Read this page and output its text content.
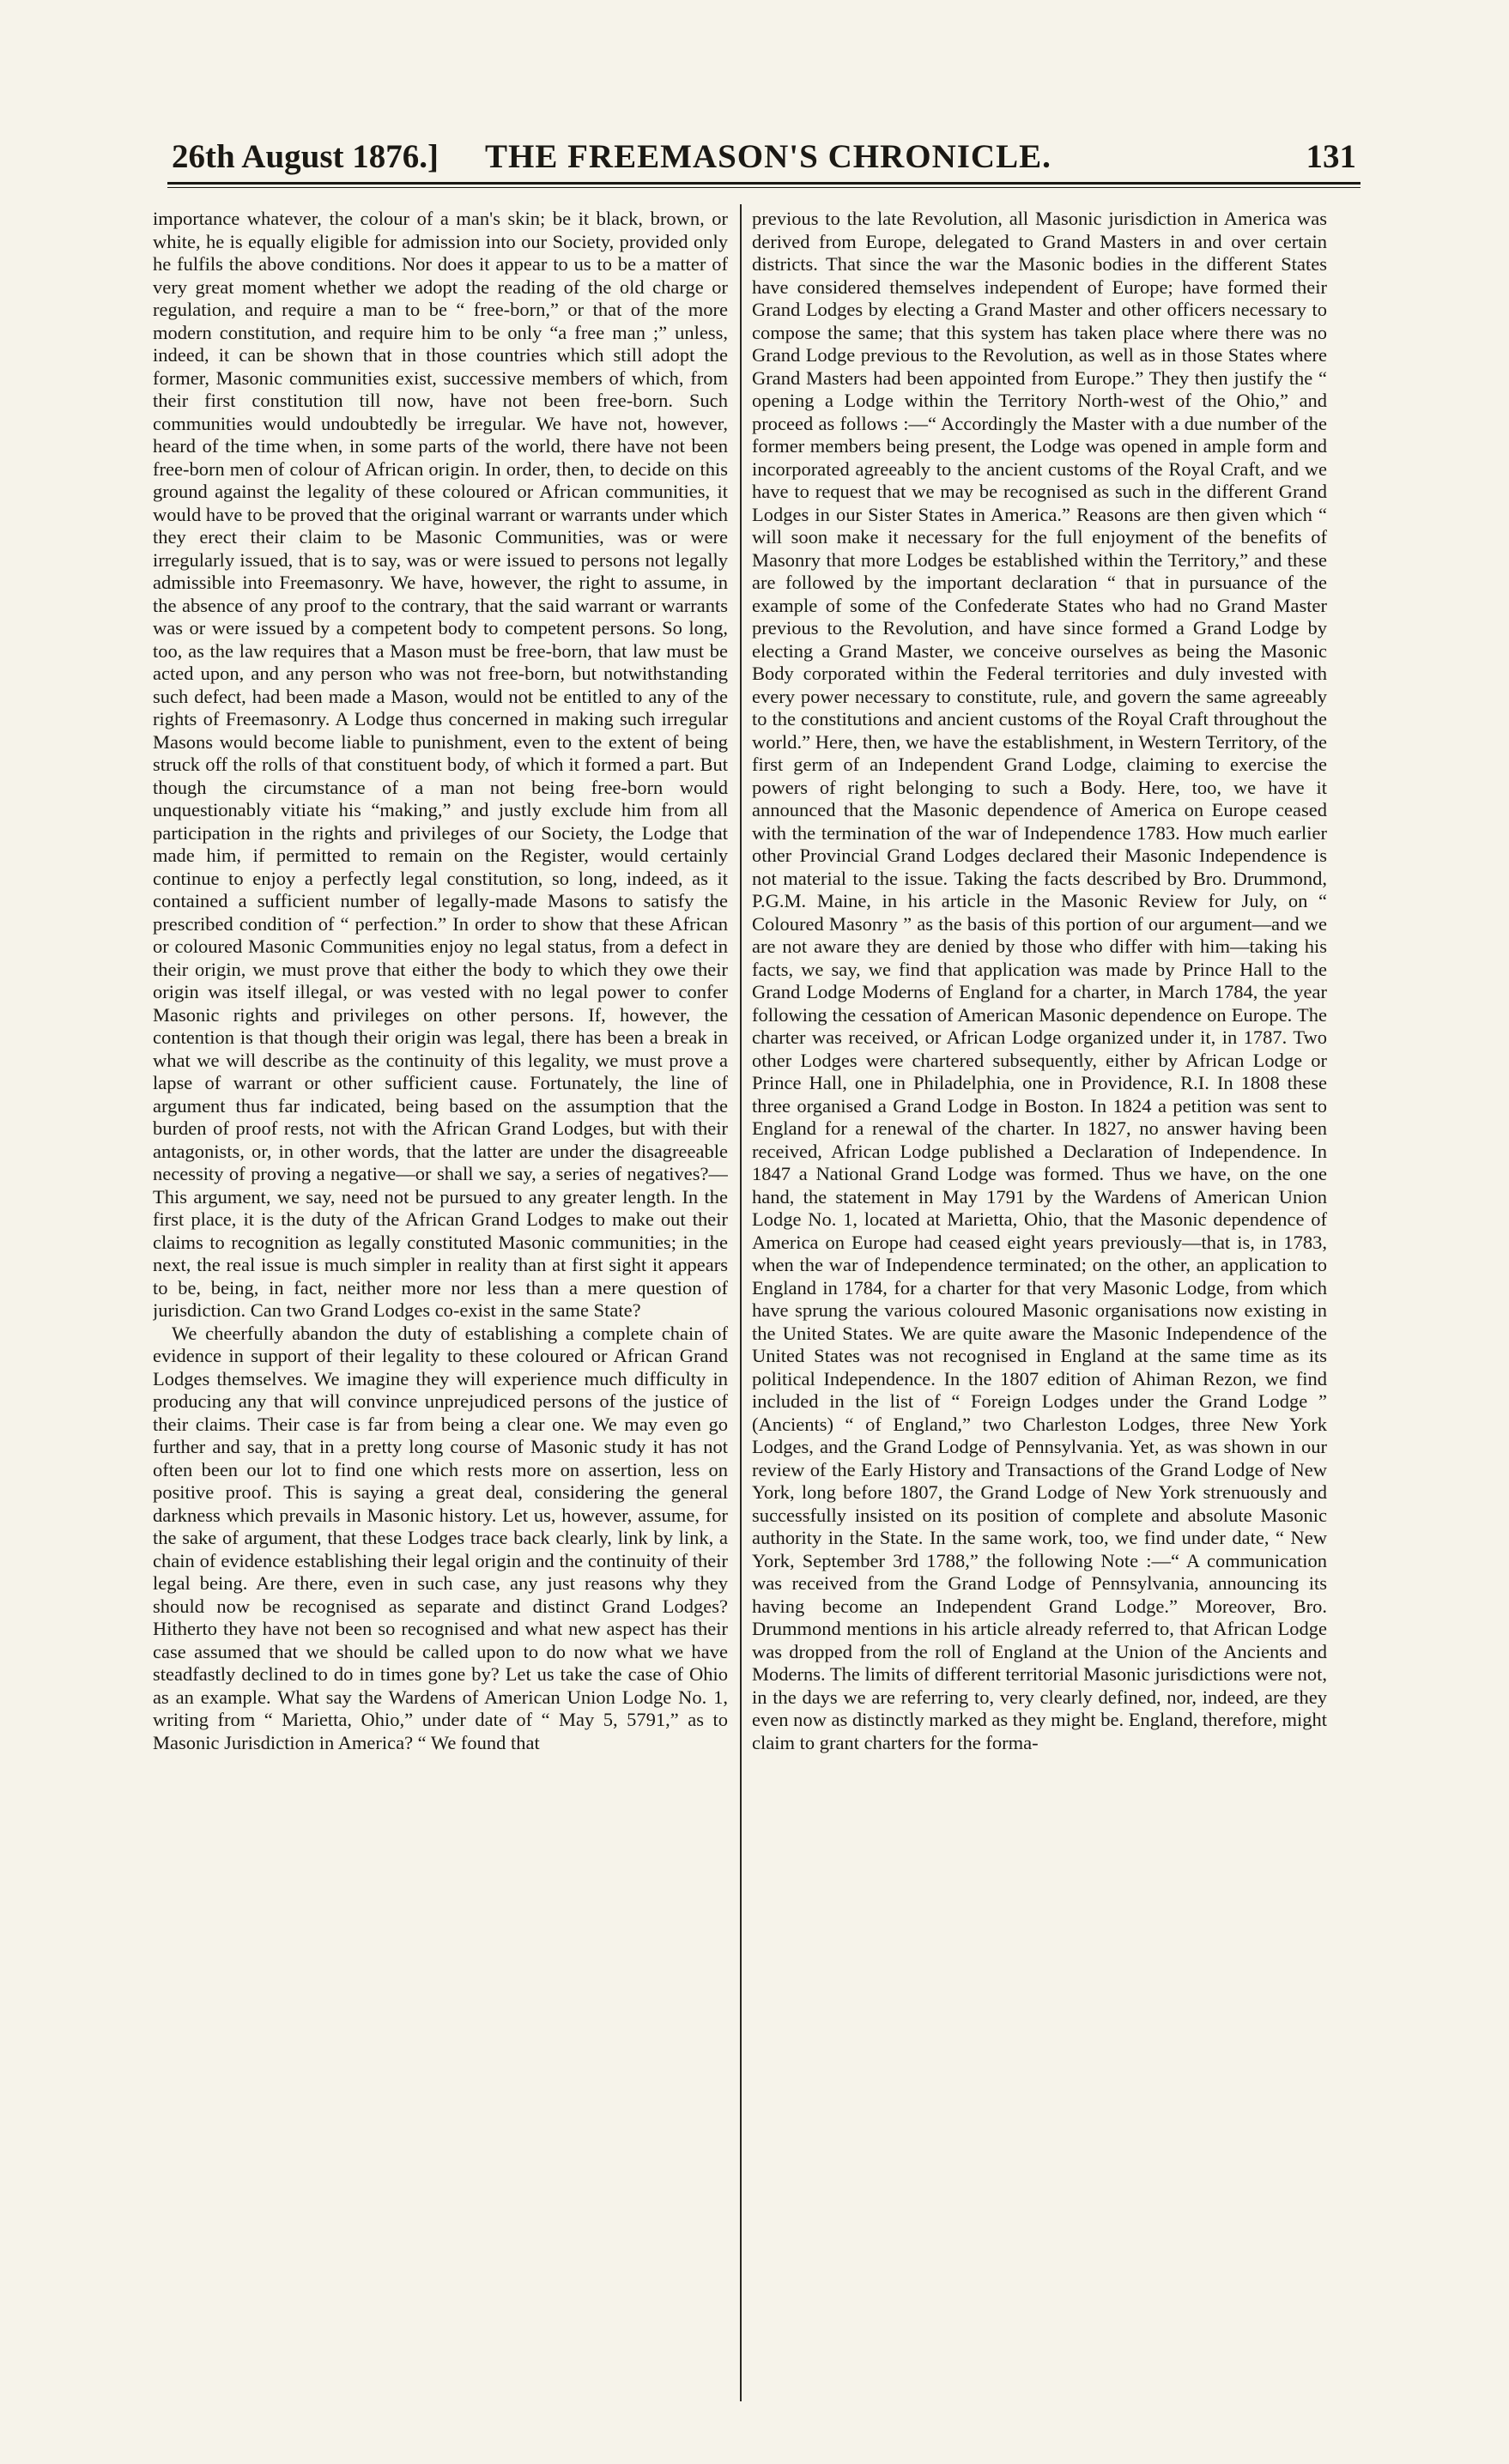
26th August 1876.] THE FREEMASON'S CHRONICLE.	131

importance whatever, the colour of a man's skin; be it black, brown, or white, he is equally eligible for admission into our Society, provided only he fulfils the above conditions. Nor does it appear to us to be a matter of very great moment whether we adopt the reading of the old charge or regulation, and require a man to be “ free-born,” or that of the more modern constitution, and require him to be only “a free man ;” unless, indeed, it can be shown that in those countries which still adopt the former, Masonic communities exist, successive members of which, from their first constitution till now, have not been free-born. Such communities would undoubtedly be irregular. We have not, however, heard of the time when, in some parts of the world, there have not been free-born men of colour of African origin. In order, then, to decide on this ground against the legality of these coloured or African communities, it would have to be proved that the original warrant or warrants under which they erect their claim to be Masonic Communities, was or were irregularly issued, that is to say, was or were issued to persons not legally admissible into Freemasonry. We have, however, the right to assume, in the absence of any proof to the contrary, that the said warrant or warrants was or were issued by a competent body to competent persons. So long, too, as the law requires that a Mason must be free-born, that law must be acted upon, and any person who was not free-born, but notwithstanding such defect, had been made a Mason, would not be entitled to any of the rights of Freemasonry. A Lodge thus concerned in making such irregular Masons would become liable to punishment, even to the extent of being struck off the rolls of that constituent body, of which it formed a part. But though the circumstance of a man not being free-born would unquestionably vitiate his “making,” and justly exclude him from all participation in the rights and privileges of our Society, the Lodge that made him, if permitted to remain on the Register, would certainly continue to enjoy a perfectly legal constitution, so long, indeed, as it contained a sufficient number of legally-made Masons to satisfy the prescribed condition of “ perfection.” In order to show that these African or coloured Masonic Communities enjoy no legal status, from a defect in their origin, we must prove that either the body to which they owe their origin was itself illegal, or was vested with no legal power to confer Masonic rights and privileges on other persons. If, however, the contention is that though their origin was legal, there has been a break in what we will describe as the continuity of this legality, we must prove a lapse of warrant or other sufficient cause. Fortunately, the line of argument thus far indicated, being based on the assumption that the burden of proof rests, not with the African Grand Lodges, but with their antagonists, or, in other words, that the latter are under the disagreeable necessity of proving a negative—or shall we say, a series of negatives?—This argument, we say, need not be pursued to any greater length. In the first place, it is the duty of the African Grand Lodges to make out their claims to recognition as legally constituted Masonic communities; in the next, the real issue is much simpler in reality than at first sight it appears to be, being, in fact, neither more nor less than a mere question of jurisdiction. Can two Grand Lodges co-exist in the same State?

We cheerfully abandon the duty of establishing a complete chain of evidence in support of their legality to these coloured or African Grand Lodges themselves. We imagine they will experience much difficulty in producing any that will convince unprejudiced persons of the justice of their claims. Their case is far from being a clear one. We may even go further and say, that in a pretty long course of Masonic study it has not often been our lot to find one which rests more on assertion, less on positive proof. This is saying a great deal, considering the general darkness which prevails in Masonic history. Let us, however, assume, for the sake of argument, that these Lodges trace back clearly, link by link, a chain of evidence establishing their legal origin and the continuity of their legal being. Are there, even in such case, any just reasons why they should now be recognised as separate and distinct Grand Lodges? Hitherto they have not been so recognised and what new aspect has their case assumed that we should be called upon to do now what we have steadfastly declined to do in times gone by? Let us take the case of Ohio as an example. What say the Wardens of American Union Lodge No. 1, writing from “ Marietta, Ohio,” under date of “ May 5, 5791,” as to Masonic Jurisdiction in America? “ We found that

previous to the late Revolution, all Masonic jurisdiction in America was derived from Europe, delegated to Grand Masters in and over certain districts. That since the war the Masonic bodies in the different States have considered themselves independent of Europe; have formed their Grand Lodges by electing a Grand Master and other officers necessary to compose the same; that this system has taken place where there was no Grand Lodge previous to the Revolution, as well as in those States where Grand Masters had been appointed from Europe.” They then justify the “ opening a Lodge within the Territory North-west of the Ohio,” and proceed as follows :—“ Accordingly the Master with a due number of the former members being present, the Lodge was opened in ample form and incorporated agreeably to the ancient customs of the Royal Craft, and we have to request that we may be recognised as such in the different Grand Lodges in our Sister States in America.” Reasons are then given which “ will soon make it necessary for the full enjoyment of the benefits of Masonry that more Lodges be established within the Territory,” and these are followed by the important declaration “ that in pursuance of the example of some of the Confederate States who had no Grand Master previous to the Revolution, and have since formed a Grand Lodge by electing a Grand Master, we conceive ourselves as being the Masonic Body corporated within the Federal territories and duly invested with every power necessary to constitute, rule, and govern the same agreeably to the constitutions and ancient customs of the Royal Craft throughout the world.” Here, then, we have the establishment, in Western Territory, of the first germ of an Independent Grand Lodge, claiming to exercise the powers of right belonging to such a Body. Here, too, we have it announced that the Masonic dependence of America on Europe ceased with the termination of the war of Independence 1783. How much earlier other Provincial Grand Lodges declared their Masonic Independence is not material to the issue. Taking the facts described by Bro. Drummond, P.G.M. Maine, in his article in the Masonic Review for July, on “ Coloured Masonry ” as the basis of this portion of our argument—and we are not aware they are denied by those who differ with him—taking his facts, we say, we find that application was made by Prince Hall to the Grand Lodge Moderns of England for a charter, in March 1784, the year following the cessation of American Masonic dependence on Europe. The charter was received, or African Lodge organized under it, in 1787. Two other Lodges were chartered subsequently, either by African Lodge or Prince Hall, one in Philadelphia, one in Providence, R.I. In 1808 these three organised a Grand Lodge in Boston. In 1824 a petition was sent to England for a renewal of the charter. In 1827, no answer having been received, African Lodge published a Declaration of Independence. In 1847 a National Grand Lodge was formed. Thus we have, on the one hand, the statement in May 1791 by the Wardens of American Union Lodge No. 1, located at Marietta, Ohio, that the Masonic dependence of America on Europe had ceased eight years previously—that is, in 1783, when the war of Independence terminated; on the other, an application to England in 1784, for a charter for that very Masonic Lodge, from which have sprung the various coloured Masonic organisations now existing in the United States. We are quite aware the Masonic Independence of the United States was not recognised in England at the same time as its political Independence. In the 1807 edition of Ahiman Rezon, we find included in the list of “ Foreign Lodges under the Grand Lodge ” (Ancients) “ of England,” two Charleston Lodges, three New York Lodges, and the Grand Lodge of Pennsylvania. Yet, as was shown in our review of the Early History and Transactions of the Grand Lodge of New York, long before 1807, the Grand Lodge of New York strenuously and successfully insisted on its position of complete and absolute Masonic authority in the State. In the same work, too, we find under date, “ New York, September 3rd 1788,” the following Note :—“ A communication was received from the Grand Lodge of Pennsylvania, announcing its having become an Independent Grand Lodge.” Moreover, Bro. Drummond mentions in his article already referred to, that African Lodge was dropped from the roll of England at the Union of the Ancients and Moderns. The limits of different territorial Masonic jurisdictions were not, in the days we are referring to, very clearly defined, nor, indeed, are they even now as distinctly marked as they might be. England, therefore, might claim to grant charters for the forma-
